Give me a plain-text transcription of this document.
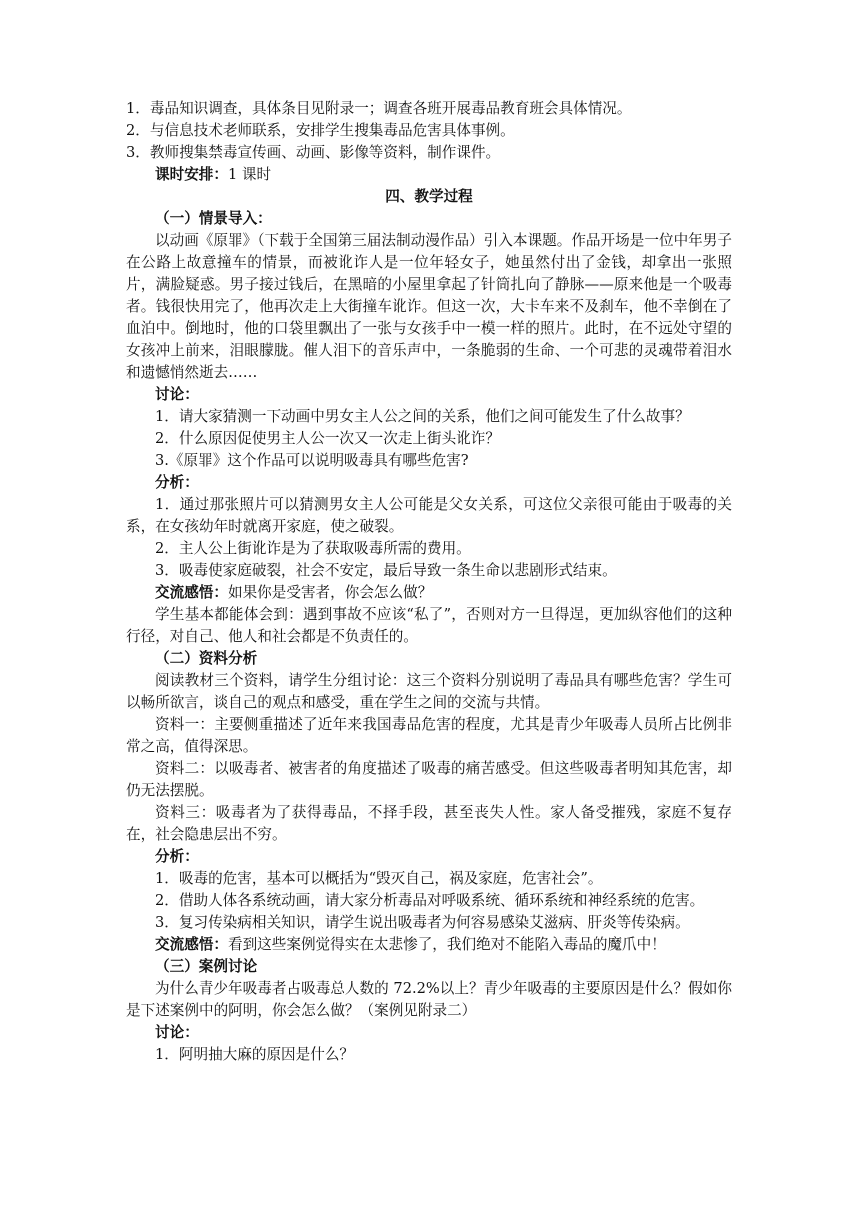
1．毒品知识调查，具体条目见附录一；调查各班开展毒品教育班会具体情况。

2．与信息技术老师联系，安排学生搜集毒品危害具体事例。

3．教师搜集禁毒宣传画、动画、影像等资料，制作课件。

课时安排：1 课时

四、教学过程

（一）情景导入：

以动画《原罪》（下载于全国第三届法制动漫作品）引入本课题。作品开场是一位中年男子在公路上故意撞车的情景，而被讹诈人是一位年轻女子，她虽然付出了金钱，却拿出一张照片，满脸疑惑。男子接过钱后，在黑暗的小屋里拿起了针筒扎向了静脉——原来他是一个吸毒者。钱很快用完了，他再次走上大街撞车讹诈。但这一次，大卡车来不及刹车，他不幸倒在了血泊中。倒地时，他的口袋里飘出了一张与女孩手中一模一样的照片。此时，在不远处守望的女孩冲上前来，泪眼朦胧。催人泪下的音乐声中，一条脆弱的生命、一个可悲的灵魂带着泪水和遗憾悄然逝去……

讨论：

1．请大家猜测一下动画中男女主人公之间的关系，他们之间可能发生了什么故事？

2．什么原因促使男主人公一次又一次走上街头讹诈？

3.《原罪》这个作品可以说明吸毒具有哪些危害?

分析：

1．通过那张照片可以猜测男女主人公可能是父女关系，可这位父亲很可能由于吸毒的关系，在女孩幼年时就离开家庭，使之破裂。

2．主人公上街讹诈是为了获取吸毒所需的费用。

3．吸毒使家庭破裂，社会不安定，最后导致一条生命以悲剧形式结束。

交流感悟：如果你是受害者，你会怎么做？

学生基本都能体会到：遇到事故不应该“私了”，否则对方一旦得逞，更加纵容他们的这种行径，对自己、他人和社会都是不负责任的。

（二）资料分析

阅读教材三个资料，请学生分组讨论：这三个资料分别说明了毒品具有哪些危害？学生可以畅所欲言，谈自己的观点和感受，重在学生之间的交流与共情。

资料一：主要侧重描述了近年来我国毒品危害的程度，尤其是青少年吸毒人员所占比例非常之高，值得深思。

资料二：以吸毒者、被害者的角度描述了吸毒的痛苦感受。但这些吸毒者明知其危害，却仍无法摆脱。

资料三：吸毒者为了获得毒品，不择手段，甚至丧失人性。家人备受摧残，家庭不复存在，社会隐患层出不穷。

分析：

1．吸毒的危害，基本可以概括为“毁灭自己，祸及家庭，危害社会”。

2．借助人体各系统动画，请大家分析毒品对呼吸系统、循环系统和神经系统的危害。

3．复习传染病相关知识，请学生说出吸毒者为何容易感染艾滋病、肝炎等传染病。

交流感悟：看到这些案例觉得实在太悲惨了，我们绝对不能陷入毒品的魔爪中！

（三）案例讨论

为什么青少年吸毒者占吸毒总人数的 72.2%以上？青少年吸毒的主要原因是什么？假如你是下述案例中的阿明，你会怎么做？（案例见附录二）

讨论：

1．阿明抽大麻的原因是什么？
